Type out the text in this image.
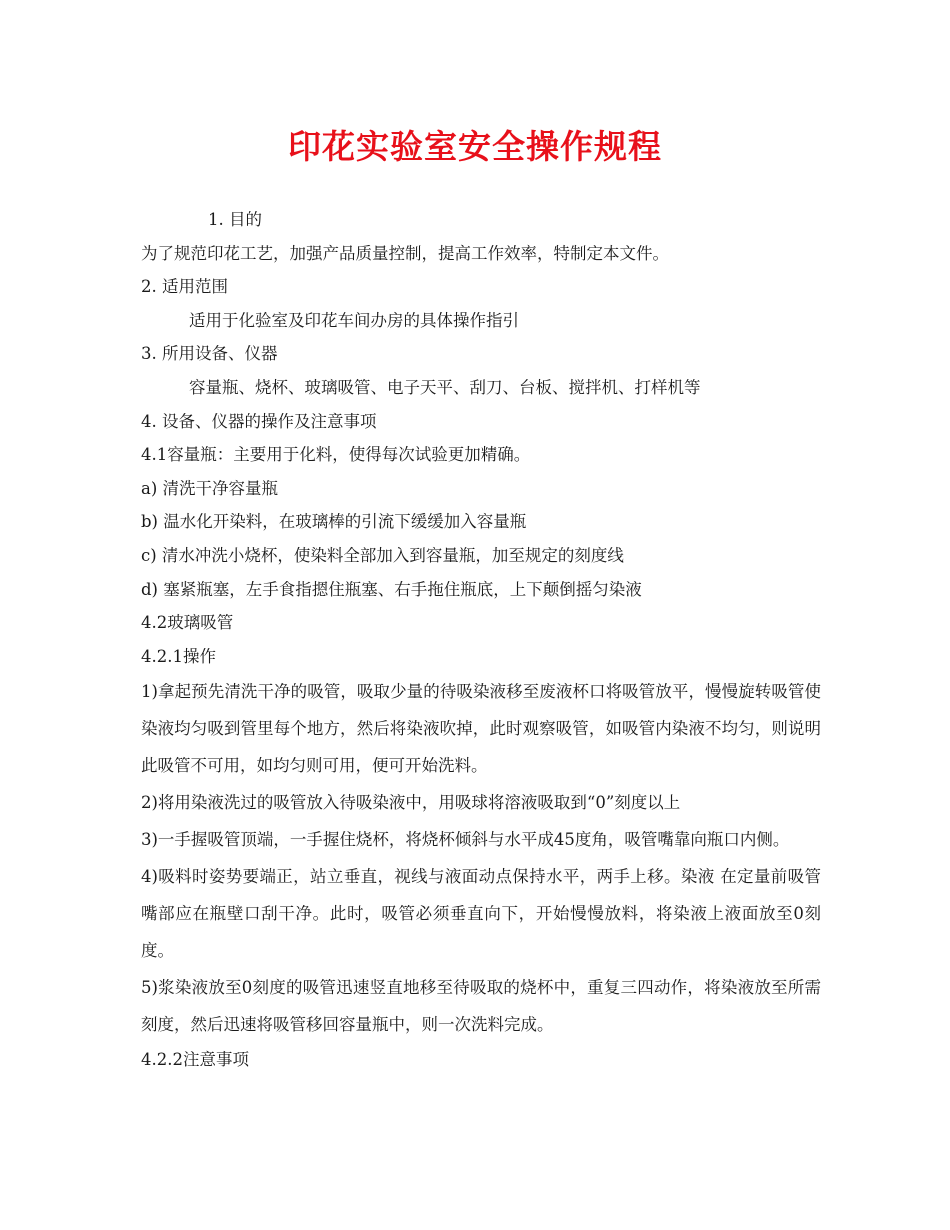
印花实验室安全操作规程
1. 目的
为了规范印花工艺，加强产品质量控制，提高工作效率，特制定本文件。
2. 适用范围
适用于化验室及印花车间办房的具体操作指引
3. 所用设备、仪器
容量瓶、烧杯、玻璃吸管、电子天平、刮刀、台板、搅拌机、打样机等
4. 设备、仪器的操作及注意事项
4.1容量瓶：主要用于化料，使得每次试验更加精确。
a) 清洗干净容量瓶
b) 温水化开染料，在玻璃棒的引流下缓缓加入容量瓶
c) 清水冲洗小烧杯，使染料全部加入到容量瓶，加至规定的刻度线
d) 塞紧瓶塞，左手食指摁住瓶塞、右手拖住瓶底，上下颠倒摇匀染液
4.2玻璃吸管
4.2.1操作
1)拿起预先清洗干净的吸管，吸取少量的待吸染液移至废液杯口将吸管放平，慢慢旋转吸管使染液均匀吸到管里每个地方，然后将染液吹掉，此时观察吸管，如吸管内染液不均匀，则说明此吸管不可用，如均匀则可用，便可开始洗料。
2)将用染液洗过的吸管放入待吸染液中，用吸球将溶液吸取到“0”刻度以上
3)一手握吸管顶端，一手握住烧杯，将烧杯倾斜与水平成45度角，吸管嘴靠向瓶口内侧。
4)吸料时姿势要端正，站立垂直，视线与液面动点保持水平，两手上移。染液 在定量前吸管嘴部应在瓶壁口刮干净。此时，吸管必须垂直向下，开始慢慢放料，将染液上液面放至0刻度。
5)浆染液放至0刻度的吸管迅速竖直地移至待吸取的烧杯中，重复三四动作，将染液放至所需刻度，然后迅速将吸管移回容量瓶中，则一次洗料完成。
4.2.2注意事项
